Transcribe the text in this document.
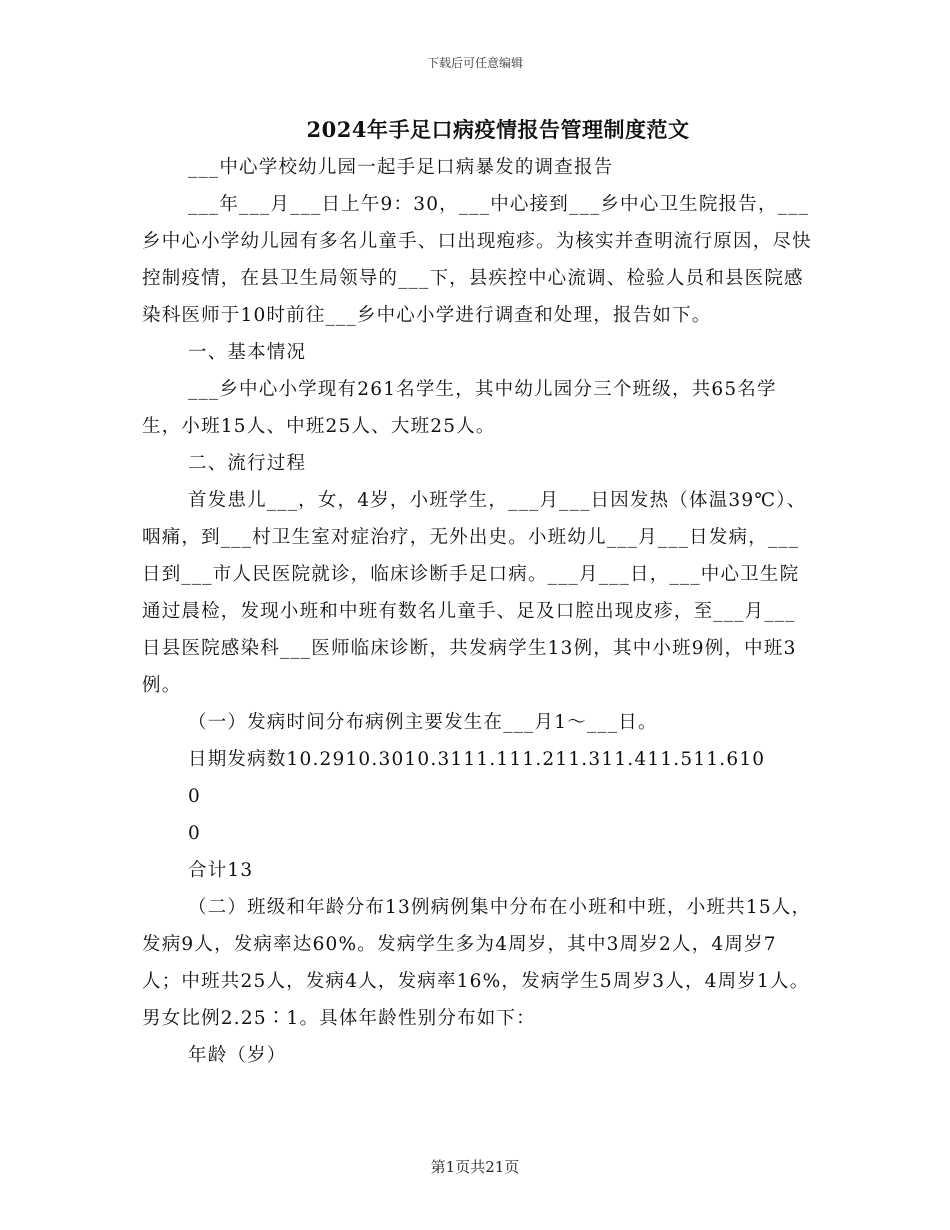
下载后可任意编辑
2024年手足口病疫情报告管理制度范文

___中心学校幼儿园一起手足口病暴发的调查报告

___年___月___日上午9：30，___中心接到___乡中心卫生院报告，___乡中心小学幼儿园有多名儿童手、口出现疱疹。为核实并查明流行原因，尽快控制疫情，在县卫生局领导的___下，县疾控中心流调、检验人员和县医院感染科医师于10时前往___乡中心小学进行调查和处理，报告如下。

一、基本情况

___乡中心小学现有261名学生，其中幼儿园分三个班级，共65名学生，小班15人、中班25人、大班25人。

二、流行过程

首发患儿___，女，4岁，小班学生，___月___日因发热（体温39℃）、咽痛，到___村卫生室对症治疗，无外出史。小班幼儿___月___日发病，___日到___市人民医院就诊，临床诊断手足口病。___月___日，___中心卫生院通过晨检，发现小班和中班有数名儿童手、足及口腔出现皮疹，至___月___日县医院感染科___医师临床诊断，共发病学生13例，其中小班9例，中班3例。

（一）发病时间分布病例主要发生在___月1～___日。

日期发病数10.2910.3010.3111.111.211.311.411.511.610

0

0

合计13

（二）班级和年龄分布13例病例集中分布在小班和中班，小班共15人，发病9人，发病率达60%。发病学生多为4周岁，其中3周岁2人，4周岁7人；中班共25人，发病4人，发病率16%，发病学生5周岁3人，4周岁1人。男女比例2.25∶1。具体年龄性别分布如下：

年龄（岁）

第1页共21页
